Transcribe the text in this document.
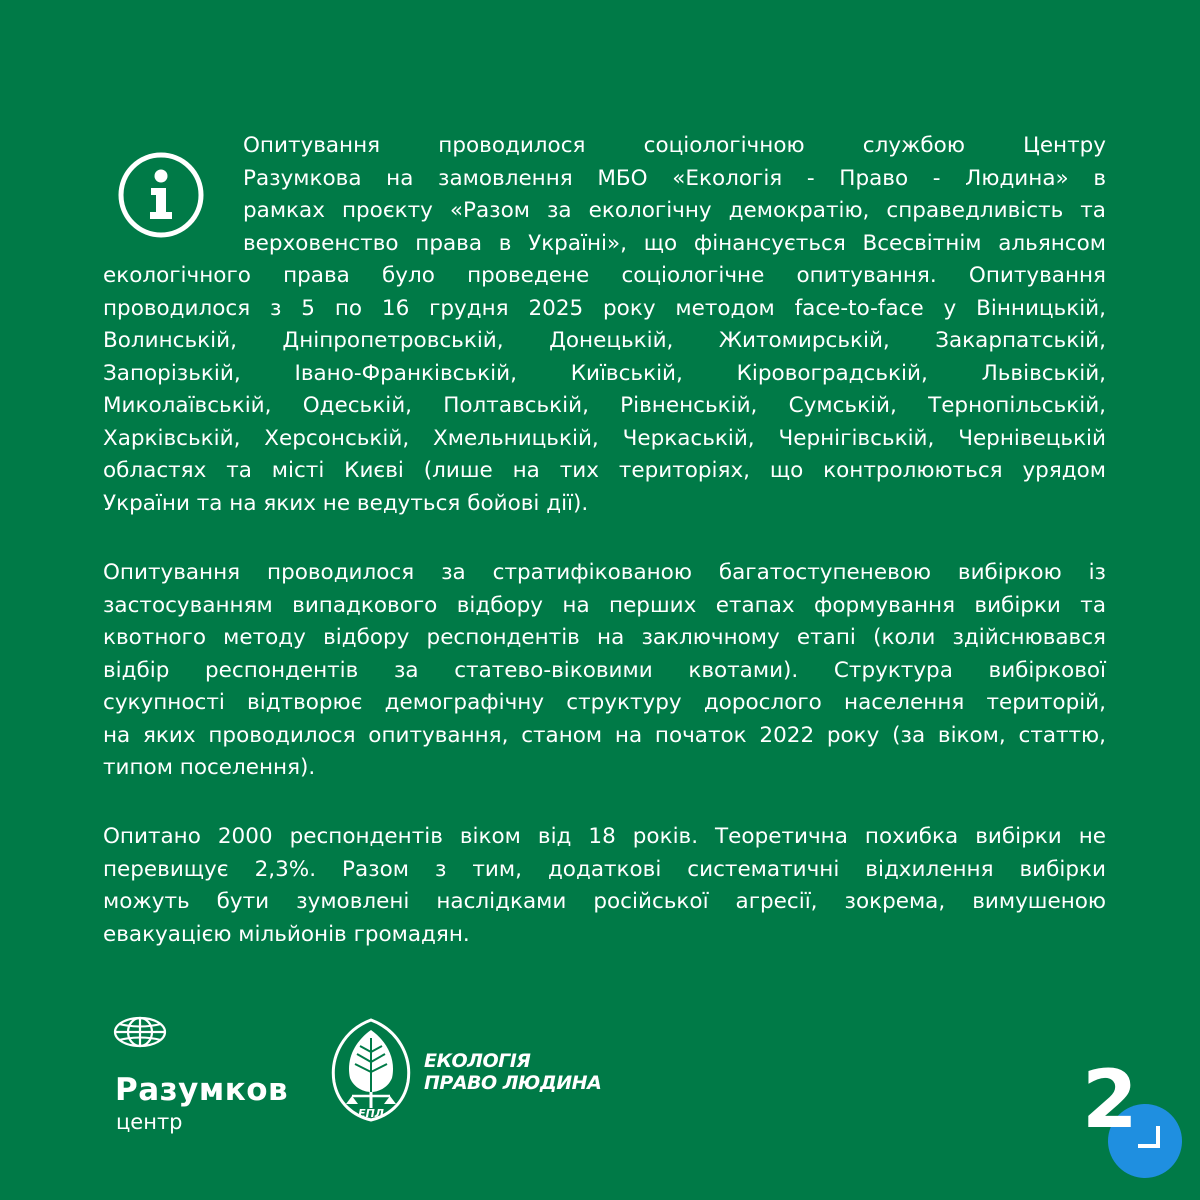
Опитування проводилося соціологічною службою Центру
Разумкова на замовлення МБО «Екологія - Право - Людина» в
рамках проєкту «Разом за екологічну демократію, справедливість та
верховенство права в Україні», що фінансується Всесвітнім альянсом
екологічного права було проведене соціологічне опитування. Опитування
проводилося з 5 по 16 грудня 2025 року методом face-to-face у Вінницькій,
Волинській, Дніпропетровській, Донецькій, Житомирській, Закарпатській,
Запорізькій, Івано-Франківській, Київській, Кіровоградській, Львівській,
Миколаївській, Одеській, Полтавській, Рівненській, Сумській, Тернопільській,
Харківській, Херсонській, Хмельницькій, Черкаській, Чернігівській, Чернівецькій
областях та місті Києві (лише на тих територіях, що контролюються урядом
України та на яких не ведуться бойові дії).
Опитування проводилося за стратифікованою багатоступеневою вибіркою із
застосуванням випадкового відбору на перших етапах формування вибірки та
квотного методу відбору респондентів на заключному етапі (коли здійснювався
відбір респондентів за статево-віковими квотами). Структура вибіркової
сукупності відтворює демографічну структуру дорослого населення територій,
на яких проводилося опитування, станом на початок 2022 року (за віком, статтю,
типом поселення).
Опитано 2000 респондентів віком від 18 років. Теоретична похибка вибірки не
перевищує 2,3%. Разом з тим, додаткові систематичні відхилення вибірки
можуть бути зумовлені наслідками російської агресії, зокрема, вимушеною
евакуацією мільйонів громадян.
Разумков
центр	ЕПЛ
ЕКОЛОГІЯ
ПРАВО ЛЮДИНА	2
